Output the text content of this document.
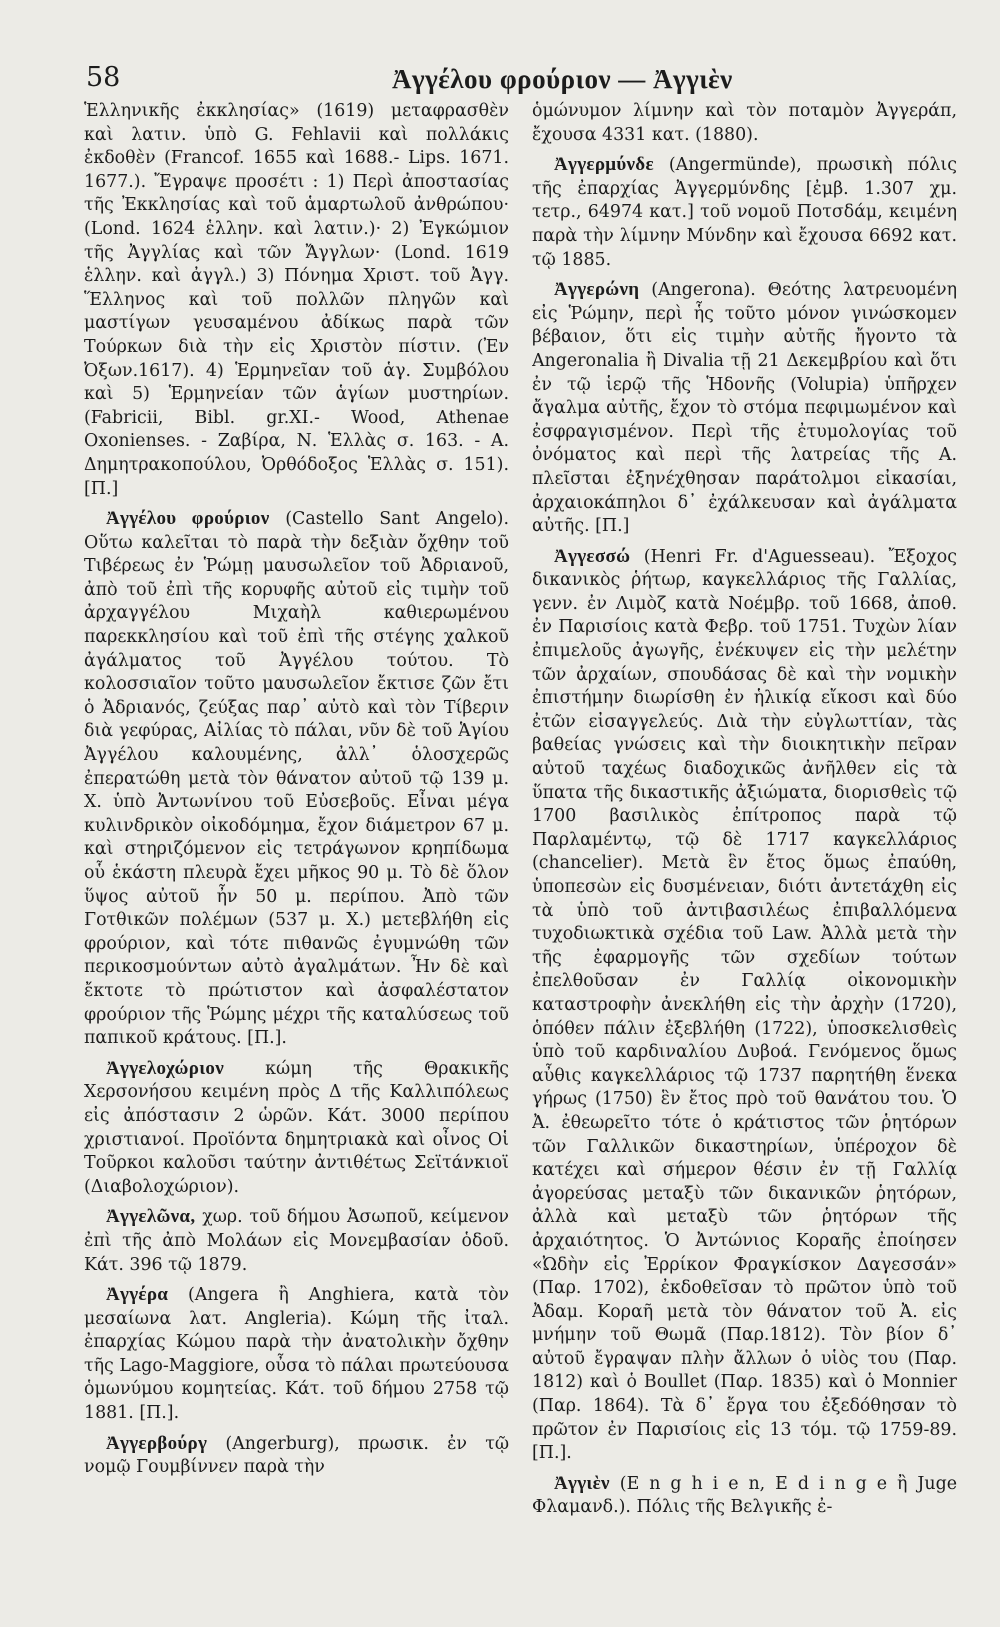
58	Ἀγγέλου φρούριον — Ἀγγιὲν

Ἑλληνικῆς ἐκκλησίας» (1619) μεταφρασθὲν καὶ λατιν. ὑπὸ G. Fehlavii καὶ πολλάκις ἐκδοθὲν (Francof. 1655 καὶ 1688.- Lips. 1671. 1677.). Ἔγραψε προσέτι : 1) Περὶ ἀποστασίας τῆς Ἐκκλησίας καὶ τοῦ ἁμαρτωλοῦ ἀνθρώπου· (Lond. 1624 ἑλλην. καὶ λατιν.)· 2) Ἐγκώμιον τῆς Ἀγγλίας καὶ τῶν Ἄγγλων· (Lond. 1619 ἑλλην. καὶ ἀγγλ.) 3) Πόνημα Χριστ. τοῦ Ἀγγ. Ἕλληνος καὶ τοῦ πολλῶν πληγῶν καὶ μαστίγων γευσαμένου ἀδίκως παρὰ τῶν Τούρκων διὰ τὴν εἰς Χριστὸν πίστιν. (Ἐν Ὀξων.1617). 4) Ἑρμηνεῖαν τοῦ ἁγ. Συμβόλου καὶ 5) Ἑρμηνείαν τῶν ἁγίων μυστηρίων. (Fabricii, Bibl. gr.XI.- Wood, Athenae Oxonienses. - Ζαβίρα, Ν. Ἑλλὰς σ. 163. - Α. Δημητρακοπούλου, Ὀρθόδοξος Ἑλλὰς σ. 151). [Π.]

Ἀγγέλου φρούριον (Castello Sant Angelo). Οὕτω καλεῖται τὸ παρὰ τὴν δεξιὰν ὄχθην τοῦ Τιβέρεως ἐν Ῥώμῃ μαυσωλεῖον τοῦ Ἀδριανοῦ, ἀπὸ τοῦ ἐπὶ τῆς κορυφῆς αὐτοῦ εἰς τιμὴν τοῦ ἀρχαγγέλου Μιχαὴλ καθιερωμένου παρεκκλησίου καὶ τοῦ ἐπὶ τῆς στέγης χαλκοῦ ἀγάλματος τοῦ Ἀγγέλου τούτου. Τὸ κολοσσιαῖον τοῦτο μαυσωλεῖον ἔκτισε ζῶν ἔτι ὁ Ἀδριανός, ζεύξας παρ᾽ αὐτὸ καὶ τὸν Τίβεριν διὰ γεφύρας, Αἰλίας τὸ πάλαι, νῦν δὲ τοῦ Ἁγίου Ἀγγέλου καλουμένης, ἀλλ᾽ ὁλοσχερῶς ἐπερατώθη μετὰ τὸν θάνατον αὐτοῦ τῷ 139 μ. Χ. ὑπὸ Ἀντωνίνου τοῦ Εὐσεβοῦς. Εἶναι μέγα κυλινδρικὸν οἰκοδόμημα, ἔχον διάμετρον 67 μ. καὶ στηριζόμενον εἰς τετράγωνον κρηπίδωμα οὗ ἑκάστη πλευρὰ ἔχει μῆκος 90 μ. Τὸ δὲ ὅλον ὕψος αὐτοῦ ἦν 50 μ. περίπου. Ἀπὸ τῶν Γοτθικῶν πολέμων (537 μ. Χ.) μετεβλήθη εἰς φρούριον, καὶ τότε πιθανῶς ἐγυμνώθη τῶν περικοσμούντων αὐτὸ ἀγαλμάτων. Ἦν δὲ καὶ ἔκτοτε τὸ πρώτιστον καὶ ἀσφαλέστατον φρούριον τῆς Ῥώμης μέχρι τῆς καταλύσεως τοῦ παπικοῦ κράτους. [Π.].

Ἀγγελοχώριον κώμη τῆς Θρακικῆς Χερσονήσου κειμένη πρὸς Δ τῆς Καλλιπόλεως εἰς ἀπόστασιν 2 ὡρῶν. Κάτ. 3000 περίπου χριστιανοί. Προϊόντα δημητριακὰ καὶ οἶνος Οἱ Τοῦρκοι καλοῦσι ταύτην ἀντιθέτως Σεϊτάνκιοϊ (Διαβολοχώριον).

Ἀγγελῶνα, χωρ. τοῦ δήμου Ἀσωποῦ, κείμενον ἐπὶ τῆς ἀπὸ Μολάων εἰς Μονεμβασίαν ὁδοῦ. Κάτ. 396 τῷ 1879.

Ἀγγέρα (Angera ἢ Anghiera, κατὰ τὸν μεσαίωνα λατ. Angleria). Κώμη τῆς ἰταλ. ἐπαρχίας Κώμου παρὰ τὴν ἀνατολικὴν ὄχθην τῆς Lago-Maggiore, οὖσα τὸ πάλαι πρωτεύουσα ὁμωνύμου κομητείας. Κάτ. τοῦ δήμου 2758 τῷ 1881. [Π.].

Ἀγγερβούργ (Angerburg), πρωσικ. ἐν τῷ νομῷ Γουμβίννεν παρὰ τὴν

ὁμώνυμον λίμνην καὶ τὸν ποταμὸν Ἀγγεράπ, ἔχουσα 4331 κατ. (1880).

Ἀγγερμύνδε (Angermünde), πρωσικὴ πόλις τῆς ἐπαρχίας Ἀγγερμύνδης [ἐμβ. 1.307 χμ. τετρ., 64974 κατ.] τοῦ νομοῦ Ποτσδάμ, κειμένη παρὰ τὴν λίμνην Μύνδην καὶ ἔχουσα 6692 κατ. τῷ 1885.

Ἀγγερώνη (Angerona). Θεότης λατρευομένη εἰς Ῥώμην, περὶ ἧς τοῦτο μόνον γινώσκομεν βέβαιον, ὅτι εἰς τιμὴν αὐτῆς ἤγοντο τὰ Angeronalia ἢ Divalia τῇ 21 Δεκεμβρίου καὶ ὅτι ἐν τῷ ἱερῷ τῆς Ἡδονῆς (Volupia) ὑπῆρχεν ἄγαλμα αὐτῆς, ἔχον τὸ στόμα πεφιμωμένον καὶ ἐσφραγισμένον. Περὶ τῆς ἐτυμολογίας τοῦ ὀνόματος καὶ περὶ τῆς λατρείας τῆς Α. πλεῖσται ἐξηνέχθησαν παράτολμοι εἰκασίαι, ἀρχαιοκάπηλοι δ᾽ ἐχάλκευσαν καὶ ἀγάλματα αὐτῆς. [Π.]

Ἀγγεσσώ (Henri Fr. d'Aguesseau). Ἔξοχος δικανικὸς ῥήτωρ, καγκελλάριος τῆς Γαλλίας, γενν. ἐν Λιμὸζ κατὰ Νοέμβρ. τοῦ 1668, ἀποθ. ἐν Παρισίοις κατὰ Φεβρ. τοῦ 1751. Τυχὼν λίαν ἐπιμελοῦς ἀγωγῆς, ἐνέκυψεν εἰς τὴν μελέτην τῶν ἀρχαίων, σπουδάσας δὲ καὶ τὴν νομικὴν ἐπιστήμην διωρίσθη ἐν ἡλικίᾳ εἴκοσι καὶ δύο ἐτῶν εἰσαγγελεύς. Διὰ τὴν εὐγλωττίαν, τὰς βαθείας γνώσεις καὶ τὴν διοικητικὴν πεῖραν αὐτοῦ ταχέως διαδοχικῶς ἀνῆλθεν εἰς τὰ ὕπατα τῆς δικαστικῆς ἀξιώματα, διορισθεὶς τῷ 1700 βασιλικὸς ἐπίτροπος παρὰ τῷ Παρλαμέντῳ, τῷ δὲ 1717 καγκελλάριος (chancelier). Μετὰ ἓν ἔτος ὅμως ἐπαύθη, ὑποπεσὼν εἰς δυσμένειαν, διότι ἀντετάχθη εἰς τὰ ὑπὸ τοῦ ἀντιβασιλέως ἐπιβαλλόμενα τυχοδιωκτικὰ σχέδια τοῦ Law. Ἀλλὰ μετὰ τὴν τῆς ἐφαρμογῆς τῶν σχεδίων τούτων ἐπελθοῦσαν ἐν Γαλλίᾳ οἰκονομικὴν καταστροφὴν ἀνεκλήθη εἰς τὴν ἀρχὴν (1720), ὁπόθεν πάλιν ἐξεβλήθη (1722), ὑποσκελισθεὶς ὑπὸ τοῦ καρδιναλίου Δυβοά. Γενόμενος ὅμως αὖθις καγκελλάριος τῷ 1737 παρητήθη ἕνεκα γήρως (1750) ἓν ἔτος πρὸ τοῦ θανάτου του. Ὁ Ἀ. ἐθεωρεῖτο τότε ὁ κράτιστος τῶν ῥητόρων τῶν Γαλλικῶν δικαστηρίων, ὑπέροχον δὲ κατέχει καὶ σήμερον θέσιν ἐν τῇ Γαλλίᾳ ἀγορεύσας μεταξὺ τῶν δικανικῶν ῥητόρων, ἀλλὰ καὶ μεταξὺ τῶν ῥητόρων τῆς ἀρχαιότητος. Ὁ Ἀντώνιος Κοραῆς ἐποίησεν «Ὠδὴν εἰς Ἐρρίκον Φραγκίσκον Δαγεσσάν» (Παρ. 1702), ἐκδοθεῖσαν τὸ πρῶτον ὑπὸ τοῦ Ἀδαμ. Κοραῆ μετὰ τὸν θάνατον τοῦ Ἀ. εἰς μνήμην τοῦ Θωμᾶ (Παρ.1812). Τὸν βίον δ᾽ αὐτοῦ ἔγραψαν πλὴν ἄλλων ὁ υἱὸς του (Παρ. 1812) καὶ ὁ Boullet (Παρ. 1835) καὶ ὁ Monnier (Παρ. 1864). Τὰ δ᾽ ἔργα του ἐξεδόθησαν τὸ πρῶτον ἐν Παρισίοις εἰς 13 τόμ. τῷ 1759-89. [Π.].

Ἀγγιὲν (E n g h i e n, E d i n g e ἢ Juge Φλαμανδ.). Πόλις τῆς Βελγικῆς ἐ-
